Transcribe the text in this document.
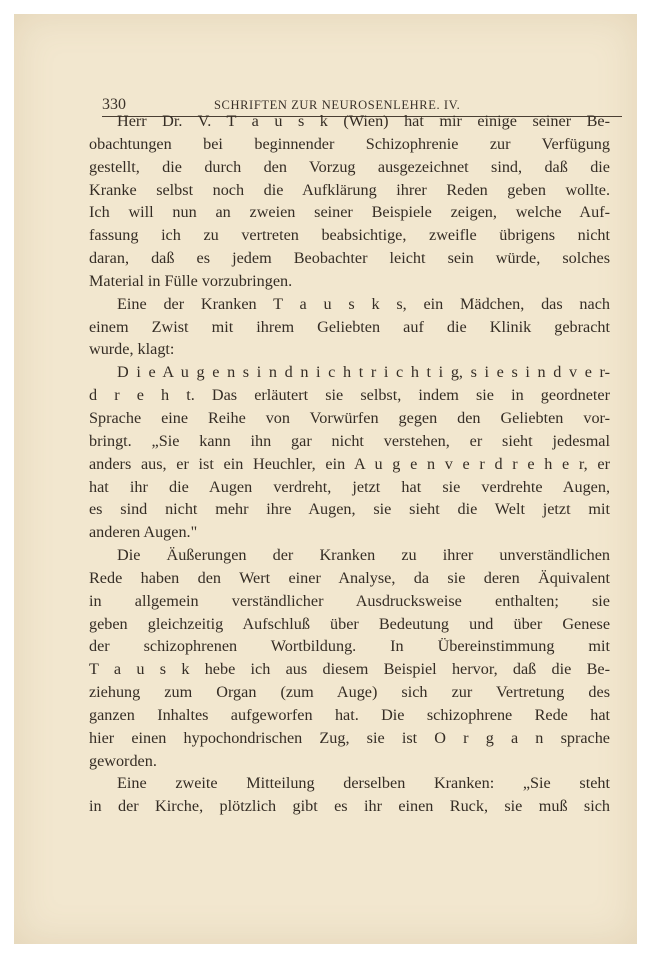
330	SCHRIFTEN ZUR NEUROSENLEHRE. IV.
Herr Dr. V. T a u s k (Wien) hat mir einige seiner Be-
obachtungen bei beginnender Schizophrenie zur Verfügung
gestellt, die durch den Vorzug ausgezeichnet sind, daß die
Kranke selbst noch die Aufklärung ihrer Reden geben wollte.
Ich will nun an zweien seiner Beispiele zeigen, welche Auf-
fassung ich zu vertreten beabsichtige, zweifle übrigens nicht
daran, daß es jedem Beobachter leicht sein würde, solches
Material in Fülle vorzubringen.
Eine der Kranken T a u s k s, ein Mädchen, das nach
einem Zwist mit ihrem Geliebten auf die Klinik gebracht
wurde, klagt:
D i e A u g e n s i n d n i c h t r i c h t i g, s i e s i n d v e r-
d r e h t. Das erläutert sie selbst, indem sie in geordneter
Sprache eine Reihe von Vorwürfen gegen den Geliebten vor-
bringt. „Sie kann ihn gar nicht verstehen, er sieht jedesmal
anders aus, er ist ein Heuchler, ein A u g e n v e r d r e h e r, er
hat ihr die Augen verdreht, jetzt hat sie verdrehte Augen,
es sind nicht mehr ihre Augen, sie sieht die Welt jetzt mit
anderen Augen."
Die Äußerungen der Kranken zu ihrer unverständlichen
Rede haben den Wert einer Analyse, da sie deren Äquivalent
in allgemein verständlicher Ausdrucksweise enthalten; sie
geben gleichzeitig Aufschluß über Bedeutung und über Genese
der schizophrenen Wortbildung. In Übereinstimmung mit
T a u s k hebe ich aus diesem Beispiel hervor, daß die Be-
ziehung zum Organ (zum Auge) sich zur Vertretung des
ganzen Inhaltes aufgeworfen hat. Die schizophrene Rede hat
hier einen hypochondrischen Zug, sie ist O r g a n sprache
geworden.
Eine zweite Mitteilung derselben Kranken: „Sie steht
in der Kirche, plötzlich gibt es ihr einen Ruck, sie muß sich
